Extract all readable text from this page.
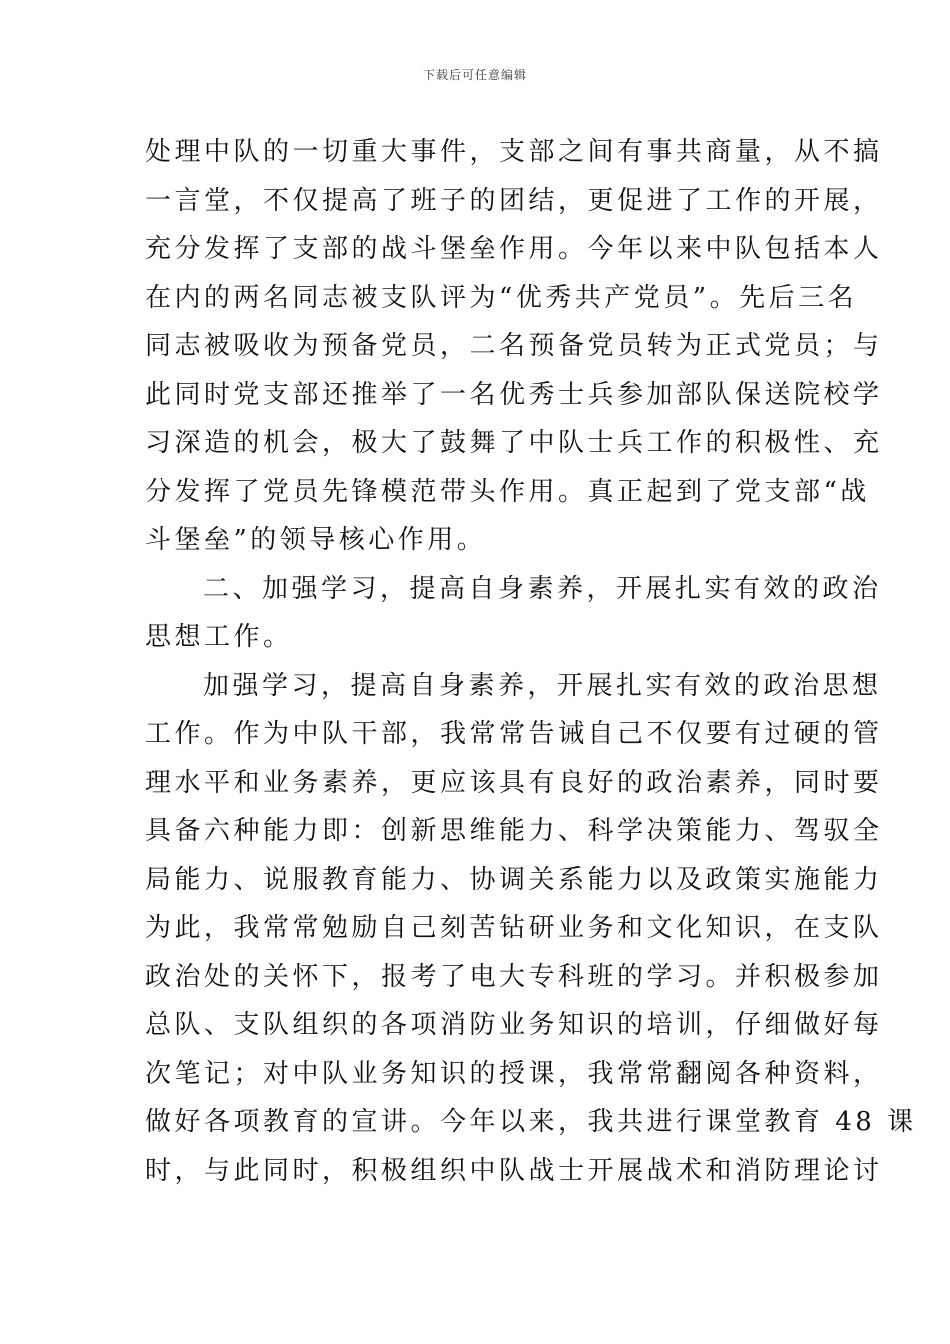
下载后可任意编辑

处理中队的一切重大事件，支部之间有事共商量，从不搞
一言堂，不仅提高了班子的团结，更促进了工作的开展，
充分发挥了支部的战斗堡垒作用。今年以来中队包括本人
在内的两名同志被支队评为“优秀共产党员”。先后三名
同志被吸收为预备党员，二名预备党员转为正式党员；与
此同时党支部还推举了一名优秀士兵参加部队保送院校学
习深造的机会，极大了鼓舞了中队士兵工作的积极性、充
分发挥了党员先锋模范带头作用。真正起到了党支部“战
斗堡垒”的领导核心作用。

二、加强学习，提高自身素养，开展扎实有效的政治
思想工作。

加强学习，提高自身素养，开展扎实有效的政治思想
工作。作为中队干部，我常常告诫自己不仅要有过硬的管
理水平和业务素养，更应该具有良好的政治素养，同时要
具备六种能力即：创新思维能力、科学决策能力、驾驭全
局能力、说服教育能力、协调关系能力以及政策实施能力
为此，我常常勉励自己刻苦钻研业务和文化知识，在支队
政治处的关怀下，报考了电大专科班的学习。并积极参加
总队、支队组织的各项消防业务知识的培训，仔细做好每
次笔记；对中队业务知识的授课，我常常翻阅各种资料，
做好各项教育的宣讲。今年以来，我共进行课堂教育 48 课
时，与此同时，积极组织中队战士开展战术和消防理论讨
